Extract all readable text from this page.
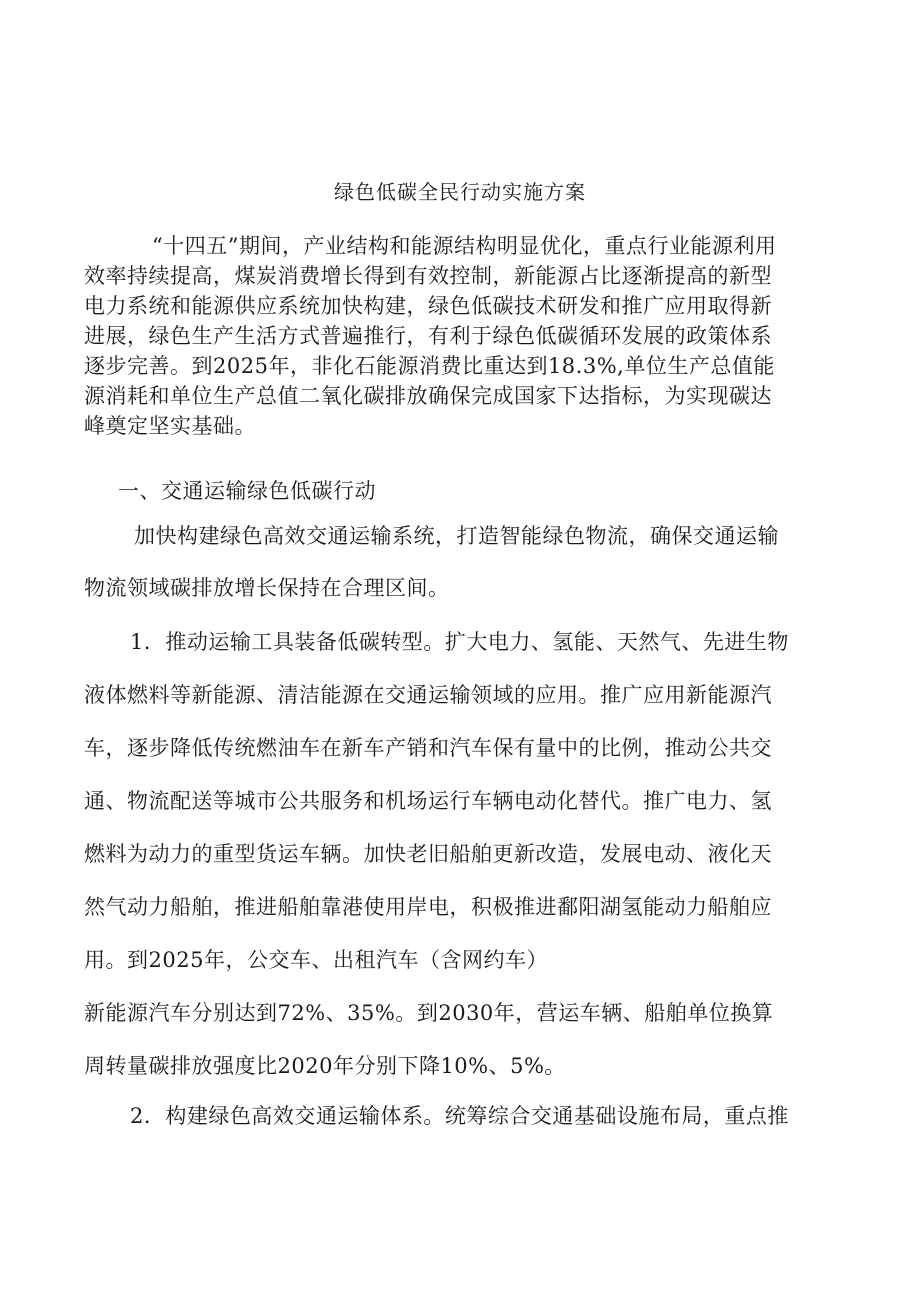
绿色低碳全民行动实施方案
“十四五”期间，产业结构和能源结构明显优化，重点行业能源利用
效率持续提高，煤炭消费增长得到有效控制，新能源占比逐渐提高的新型
电力系统和能源供应系统加快构建，绿色低碳技术研发和推广应用取得新
进展，绿色生产生活方式普遍推行，有利于绿色低碳循环发展的政策体系
逐步完善。到2025年，非化石能源消费比重达到18.3%,单位生产总值能
源消耗和单位生产总值二氧化碳排放确保完成国家下达指标，为实现碳达
峰奠定坚实基础。
一、交通运输绿色低碳行动
加快构建绿色高效交通运输系统，打造智能绿色物流，确保交通运输
物流领域碳排放增长保持在合理区间。
1．推动运输工具装备低碳转型。扩大电力、氢能、天然气、先进生物
液体燃料等新能源、清洁能源在交通运输领域的应用。推广应用新能源汽
车，逐步降低传统燃油车在新车产销和汽车保有量中的比例，推动公共交
通、物流配送等城市公共服务和机场运行车辆电动化替代。推广电力、氢
燃料为动力的重型货运车辆。加快老旧船舶更新改造，发展电动、液化天
然气动力船舶，推进船舶靠港使用岸电，积极推进鄱阳湖氢能动力船舶应
用。到2025年，公交车、出租汽车（含网约车）
新能源汽车分别达到72%、35%。到2030年，营运车辆、船舶单位换算
周转量碳排放强度比2020年分别下降10%、5%。
2．构建绿色高效交通运输体系。统筹综合交通基础设施布局，重点推
